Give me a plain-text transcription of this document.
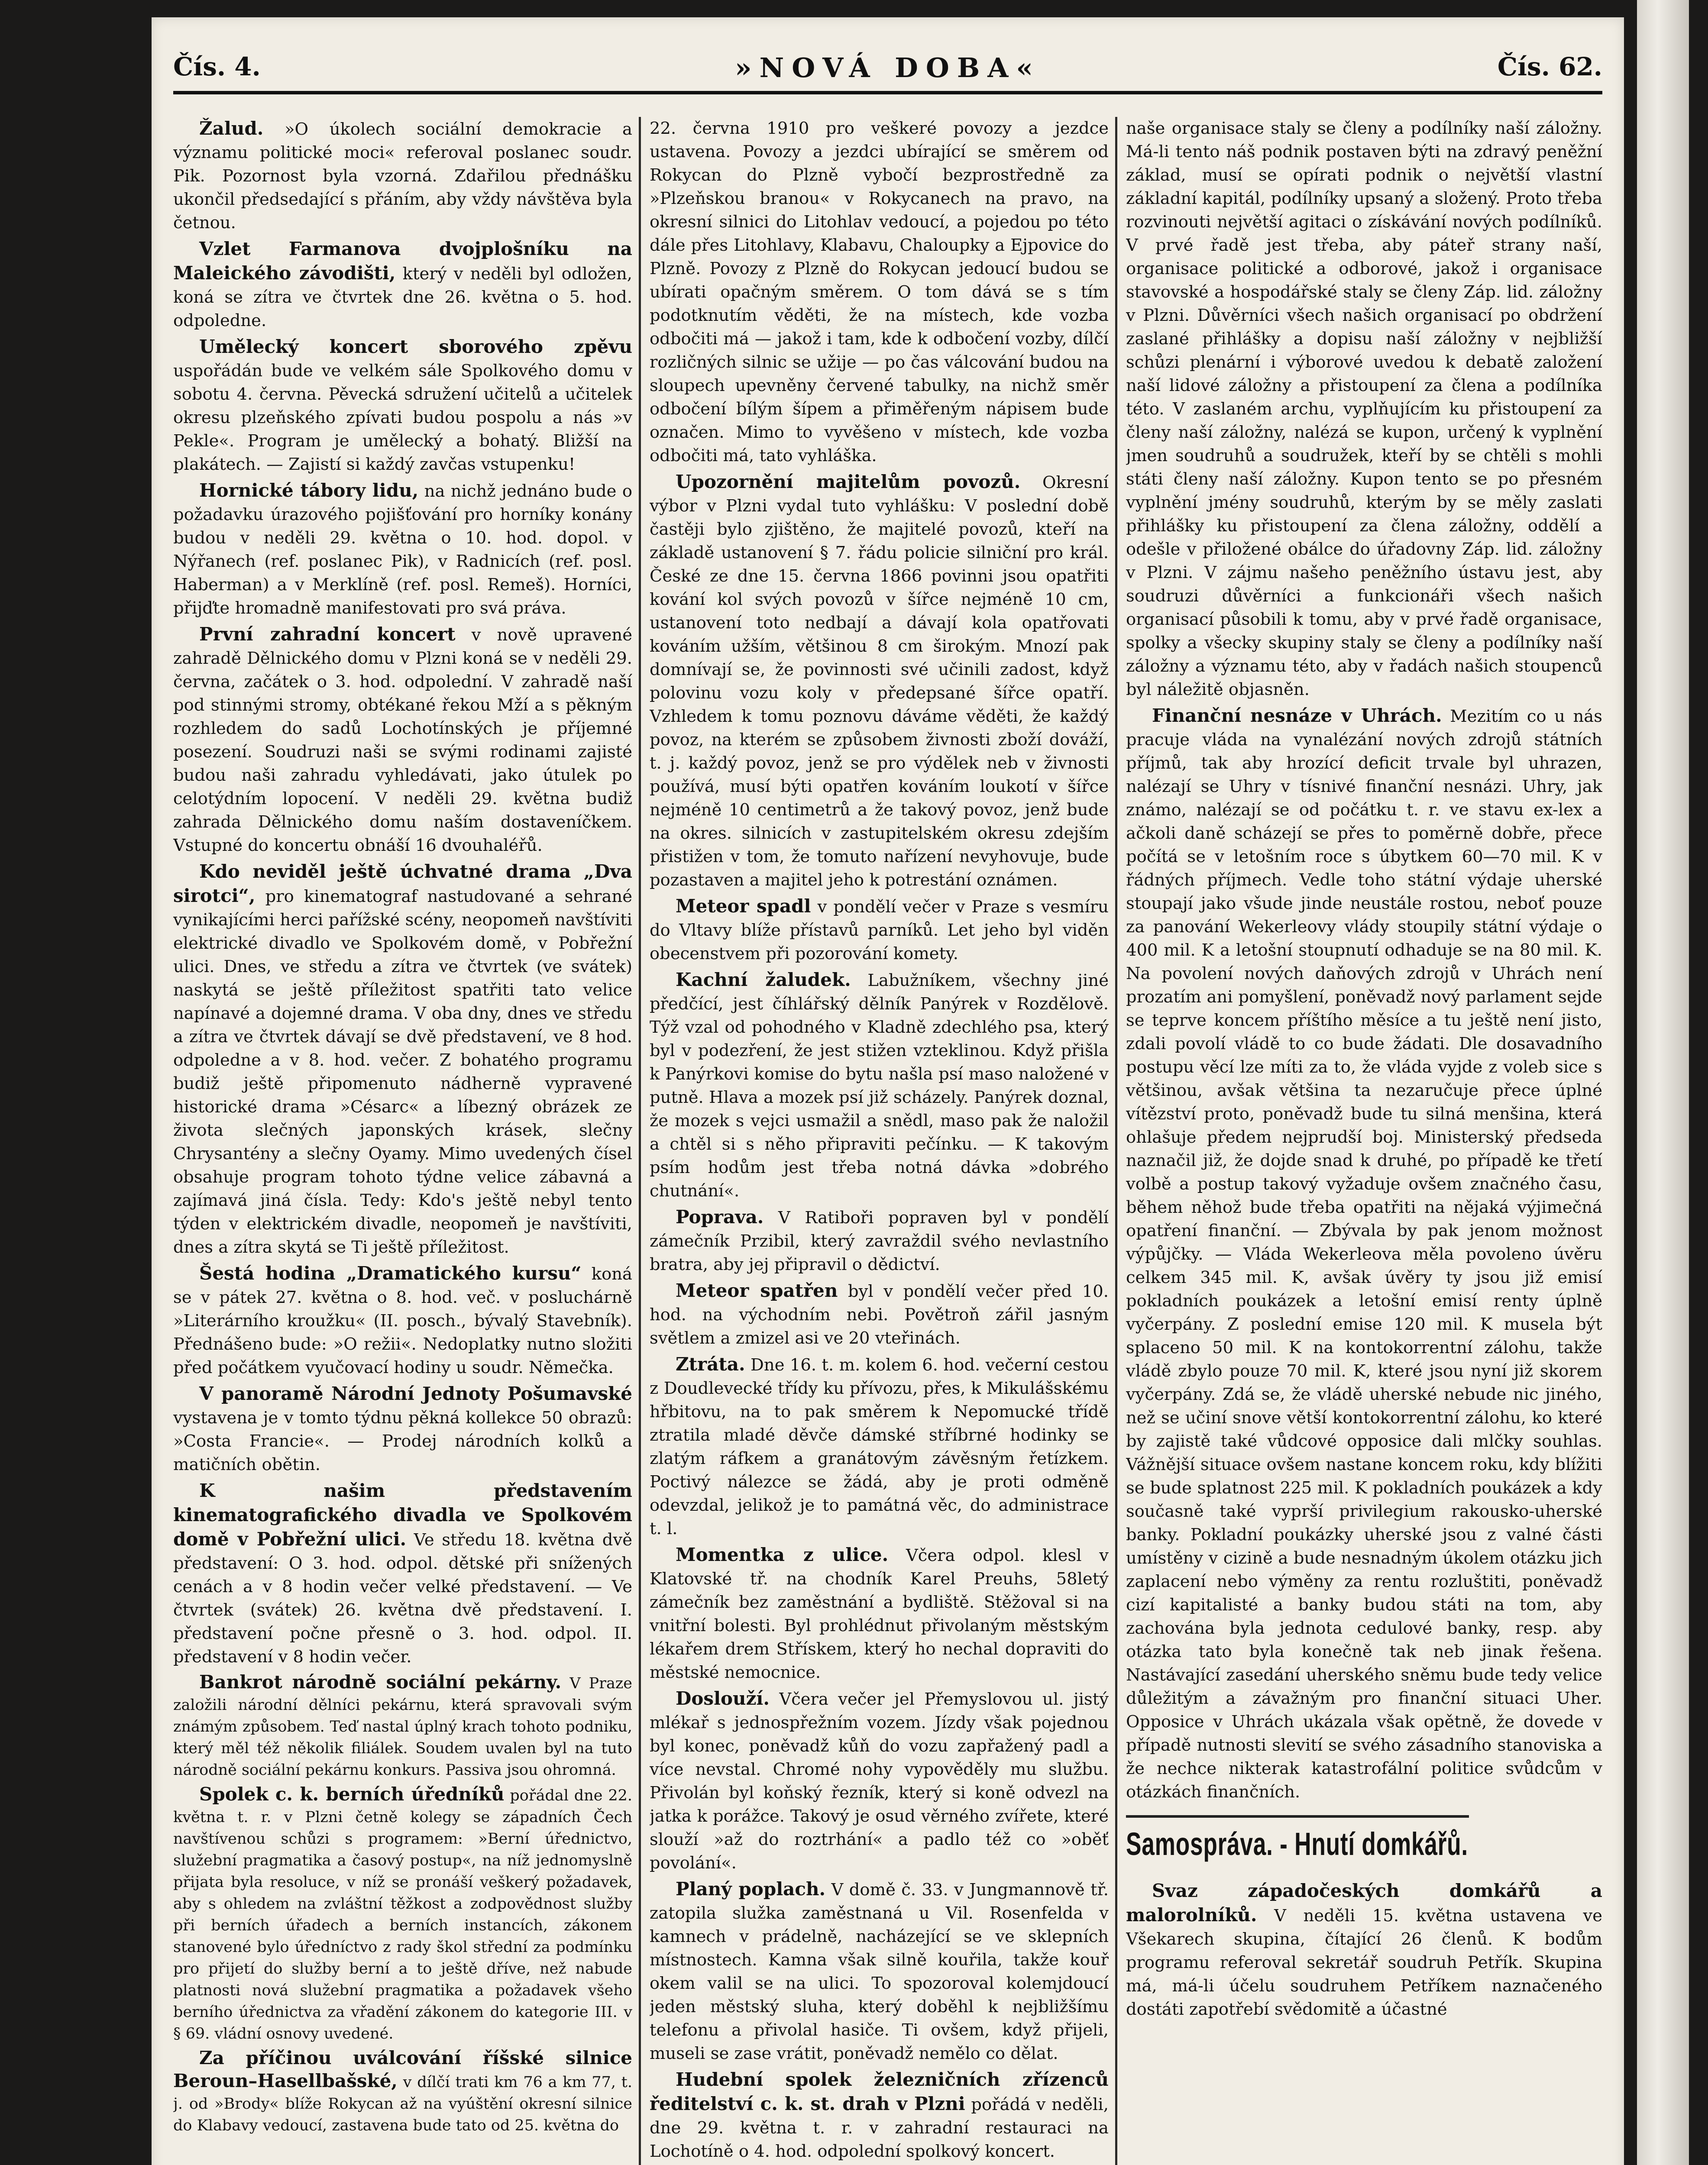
Čís. 4.	»NOVÁ DOBA«	Čís. 62.

Žalud. »O úkolech sociální demokracie a významu politické moci« referoval poslanec soudr. Pik. Pozornost byla vzorná. Zdařilou přednášku ukončil předsedající s přáním, aby vždy návštěva byla četnou.

Vzlet Farmanova dvojplošníku na Maleického závodišti, který v neděli byl odložen, koná se zítra ve čtvrtek dne 26. května o 5. hod. odpoledne.

Umělecký koncert sborového zpěvu uspořádán bude ve velkém sále Spolkového domu v sobotu 4. června. Pěvecká sdružení učitelů a učitelek okresu plzeňského zpívati budou pospolu a nás »v Pekle«. Program je umělecký a bohatý. Bližší na plakátech. — Zajistí si každý zavčas vstupenku!

Hornické tábory lidu, na nichž jednáno bude o požadavku úrazového pojišťování pro horníky konány budou v neděli 29. května o 10. hod. dopol. v Nýřanech (ref. poslanec Pik), v Radnicích (ref. posl. Haberman) a v Merklíně (ref. posl. Remeš). Horníci, přijďte hromadně manifestovati pro svá práva.

První zahradní koncert v nově upravené zahradě Dělnického domu v Plzni koná se v neděli 29. června, začátek o 3. hod. odpolední. V zahradě naší pod stinnými stromy, obtékané řekou Mží a s pěkným rozhledem do sadů Lochotínských je příjemné posezení. Soudruzi naši se svými rodinami zajisté budou naši zahradu vyhledávati, jako útulek po celotýdním lopocení. V neděli 29. května budiž zahrada Dělnického domu naším dostaveníčkem. Vstupné do koncertu obnáší 16 dvouhaléřů.

Kdo neviděl ještě úchvatné drama „Dva sirotci“, pro kinematograf nastudované a sehrané vynikajícími herci pařížské scény, neopomeň navštíviti elektrické divadlo ve Spolkovém domě, v Pobřežní ulici. Dnes, ve středu a zítra ve čtvrtek (ve svátek) naskytá se ještě příležitost spatřiti tato velice napínavé a dojemné drama. V oba dny, dnes ve středu a zítra ve čtvrtek dávají se dvě představení, ve 8 hod. odpoledne a v 8. hod. večer. Z bohatého programu budiž ještě připomenuto nádherně vypravené historické drama »Césarc« a líbezný obrázek ze života slečných japonských krásek, slečny Chrysantény a slečny Oyamy. Mimo uvedených čísel obsahuje program tohoto týdne velice zábavná a zajímavá jiná čísla. Tedy: Kdo's ještě nebyl tento týden v elektrickém divadle, neopomeň je navštíviti, dnes a zítra skytá se Ti ještě příležitost.

Šestá hodina „Dramatického kursu“ koná se v pátek 27. května o 8. hod. več. v posluchárně »Literárního kroužku« (II. posch., bývalý Stavebník). Přednášeno bude: »O režii«. Nedoplatky nutno složiti před počátkem vyučovací hodiny u soudr. Němečka.

V panoramě Národní Jednoty Pošumavské vystavena je v tomto týdnu pěkná kollekce 50 obrazů: »Costa Francie«. — Prodej národních kolků a matičních obětin.

K našim představením kinematografického divadla ve Spolkovém domě v Pobřežní ulici. Ve středu 18. května dvě představení: O 3. hod. odpol. dětské při snížených cenách a v 8 hodin večer velké představení. — Ve čtvrtek (svátek) 26. května dvě představení. I. představení počne přesně o 3. hod. odpol. II. představení v 8 hodin večer.

Bankrot národně sociální pekárny. V Praze založili národní dělníci pekárnu, která spravovali svým známým způsobem. Teď nastal úplný krach tohoto podniku, který měl též několik filiálek. Soudem uvalen byl na tuto národně sociální pekárnu konkurs. Passiva jsou ohromná.

Spolek c. k. berních úředníků pořádal dne 22. května t. r. v Plzni četně kolegy se západních Čech navštívenou schůzi s programem: »Berní úřednictvo, služební pragmatika a časový postup«, na níž jednomyslně přijata byla resoluce, v níž se pronáší veškerý požadavek, aby s ohledem na zvláštní těžkost a zodpovědnost služby při berních úřadech a berních instancích, zákonem stanovené bylo úředníctvo z rady škol střední za podmínku pro přijetí do služby berní a to ještě dříve, než nabude platnosti nová služební pragmatika a požadavek všeho berního úřednictva za vřadění zákonem do kategorie III. v § 69. vládní osnovy uvedené.

Za příčinou uválcování říšské silnice Beroun–Hasellbašské, v dílčí trati km 76 a km 77, t. j. od »Brody« blíže Rokycan až na vyúštění okresní silnice do Klabavy vedoucí, zastavena bude tato od 25. května do

22. června 1910 pro veškeré povozy a jezdce ustavena. Povozy a jezdci ubírající se směrem od Rokycan do Plzně vybočí bezprostředně za »Plzeňskou branou« v Rokycanech na pravo, na okresní silnici do Litohlav vedoucí, a pojedou po této dále přes Litohlavy, Klabavu, Chaloupky a Ejpovice do Plzně. Povozy z Plzně do Rokycan jedoucí budou se ubírati opačným směrem. O tom dává se s tím podotknutím věděti, že na místech, kde vozba odbočiti má — jakož i tam, kde k odbočení vozby, dílčí rozličných silnic se užije — po čas válcování budou na sloupech upevněny červené tabulky, na nichž směr odbočení bílým šípem a přiměřeným nápisem bude označen. Mimo to vyvěšeno v místech, kde vozba odbočiti má, tato vyhláška.

Upozornění majitelům povozů. Okresní výbor v Plzni vydal tuto vyhlášku: V poslední době častěji bylo zjištěno, že majitelé povozů, kteří na základě ustanovení § 7. řádu policie silniční pro král. České ze dne 15. června 1866 povinni jsou opatřiti kování kol svých povozů v šířce nejméně 10 cm, ustanovení toto nedbají a dávají kola opatřovati kováním užším, většinou 8 cm širokým. Mnozí pak domnívají se, že povinnosti své učinili zadost, když polovinu vozu koly v předepsané šířce opatří. Vzhledem k tomu poznovu dáváme věděti, že každý povoz, na kterém se způsobem živnosti zboží dováží, t. j. každý povoz, jenž se pro výdělek neb v živnosti používá, musí býti opatřen kováním loukotí v šířce nejméně 10 centimetrů a že takový povoz, jenž bude na okres. silnicích v zastupitelském okresu zdejším přistižen v tom, že tomuto nařízení nevyhovuje, bude pozastaven a majitel jeho k potrestání oznámen.

Meteor spadl v pondělí večer v Praze s vesmíru do Vltavy blíže přístavů parníků. Let jeho byl viděn obecenstvem při pozorování komety.

Kachní žaludek. Labužníkem, všechny jiné předčící, jest číhlářský dělník Panýrek v Rozdělově. Týž vzal od pohodného v Kladně zdechlého psa, který byl v podezření, že jest stižen vzteklinou. Když přišla k Panýrkovi komise do bytu našla psí maso naložené v putně. Hlava a mozek psí již scházely. Panýrek doznal, že mozek s vejci usmažil a snědl, maso pak že naložil a chtěl si s něho připraviti pečínku. — K takovým psím hodům jest třeba notná dávka »dobrého chutnání«.

Poprava. V Ratiboři popraven byl v pondělí zámečník Przibil, který zavraždil svého nevlastního bratra, aby jej připravil o dědictví.

Meteor spatřen byl v pondělí večer před 10. hod. na východním nebi. Povětroň zářil jasným světlem a zmizel asi ve 20 vteřinách.

Ztráta. Dne 16. t. m. kolem 6. hod. večerní cestou z Doudlevecké třídy ku přívozu, přes, k Mikulášskému hřbitovu, na to pak směrem k Nepomucké třídě ztratila mladé děvče dámské stříbrné hodinky se zlatým ráfkem a granátovým závěsným řetízkem. Poctivý nálezce se žádá, aby je proti odměně odevzdal, jelikož je to památná věc, do administrace t. l.

Momentka z ulice. Včera odpol. klesl v Klatovské tř. na chodník Karel Preuhs, 58letý zámečník bez zaměstnání a bydliště. Stěžoval si na vnitřní bolesti. Byl prohlédnut přivolaným městským lékařem drem Střískem, který ho nechal dopraviti do městské nemocnice.

Doslouží. Včera večer jel Přemyslovou ul. jistý mlékař s jednospřežním vozem. Jízdy však pojednou byl konec, poněvadž kůň do vozu zapřažený padl a více nevstal. Chromé nohy vypověděly mu službu. Přivolán byl koňský řezník, který si koně odvezl na jatka k porážce. Takový je osud věrného zvířete, které slouží »až do roztrhání« a padlo též co »oběť povolání«.

Planý poplach. V domě č. 33. v Jungmannově tř. zatopila služka zaměstnaná u Vil. Rosenfelda v kamnech v prádelně, nacházející se ve sklepních místnostech. Kamna však silně kouřila, takže kouř okem valil se na ulici. To spozoroval kolemjdoucí jeden městský sluha, který doběhl k nejbližšímu telefonu a přivolal hasiče. Ti ovšem, když přijeli, museli se zase vrátit, poněvadž nemělo co dělat.

Hudební spolek železničních zřízenců ředitelství c. k. st. drah v Plzni pořádá v neděli, dne 29. května t. r. v zahradní restauraci na Lochotíně o 4. hod. odpolední spolkový koncert.

naše organisace staly se členy a podílníky naší záložny. Má-li tento náš podnik postaven býti na zdravý peněžní základ, musí se opírati podnik o největší vlastní základní kapitál, podílníky upsaný a složený. Proto třeba rozvinouti největší agitaci o získávání nových podílníků. V prvé řadě jest třeba, aby páteř strany naší, organisace politické a odborové, jakož i organisace stavovské a hospodářské staly se členy Záp. lid. záložny v Plzni. Důvěrníci všech našich organisací po obdržení zaslané přihlášky a dopisu naší záložny v nejbližší schůzi plenární i výborové uvedou k debatě založení naší lidové záložny a přistoupení za člena a podílníka této. V zaslaném archu, vyplňujícím ku přistoupení za členy naší záložny, nalézá se kupon, určený k vyplnění jmen soudruhů a soudružek, kteří by se chtěli s mohli státi členy naší záložny. Kupon tento se po přesném vyplnění jmény soudruhů, kterým by se měly zaslati přihlášky ku přistoupení za člena záložny, oddělí a odešle v přiložené obálce do úřadovny Záp. lid. záložny v Plzni. V zájmu našeho peněžního ústavu jest, aby soudruzi důvěrníci a funkcionáři všech našich organisací působili k tomu, aby v prvé řadě organisace, spolky a všecky skupiny staly se členy a podílníky naší záložny a významu této, aby v řadách našich stoupenců byl náležitě objasněn.

Finanční nesnáze v Uhrách. Mezitím co u nás pracuje vláda na vynalézání nových zdrojů státních příjmů, tak aby hrozící deficit trvale byl uhrazen, nalézají se Uhry v tísnivé finanční nesnázi. Uhry, jak známo, nalézají se od počátku t. r. ve stavu ex-lex a ačkoli daně scházejí se přes to poměrně dobře, přece počítá se v letošním roce s úbytkem 60—70 mil. K v řádných příjmech. Vedle toho státní výdaje uherské stoupají jako všude jinde neustále rostou, neboť pouze za panování Wekerleovy vlády stoupily státní výdaje o 400 mil. K a letošní stoupnutí odhaduje se na 80 mil. K. Na povolení nových daňových zdrojů v Uhrách není prozatím ani pomyšlení, poněvadž nový parlament sejde se teprve koncem příštího měsíce a tu ještě není jisto, zdali povolí vládě to co bude žádati. Dle dosavadního postupu věcí lze míti za to, že vláda vyjde z voleb sice s většinou, avšak většina ta nezaručuje přece úplné vítězství proto, poněvadž bude tu silná menšina, která ohlašuje předem nejprudší boj. Ministerský předseda naznačil již, že dojde snad k druhé, po případě ke třetí volbě a postup takový vyžaduje ovšem značného času, během něhož bude třeba opatřiti na nějaká výjimečná opatření finanční. — Zbývala by pak jenom možnost výpůjčky. — Vláda Wekerleova měla povoleno úvěru celkem 345 mil. K, avšak úvěry ty jsou již emisí pokladních poukázek a letošní emisí renty úplně vyčerpány. Z poslední emise 120 mil. K musela být splaceno 50 mil. K na kontokorrentní zálohu, takže vládě zbylo pouze 70 mil. K, které jsou nyní již skorem vyčerpány. Zdá se, že vládě uherské nebude nic jiného, než se učiní snove větší kontokorrentní zálohu, ko které by zajistě také vůdcové opposice dali mlčky souhlas. Vážnější situace ovšem nastane koncem roku, kdy blížiti se bude splatnost 225 mil. K pokladních poukázek a kdy současně také vyprší privilegium rakousko-uherské banky. Pokladní poukázky uherské jsou z valné části umístěny v cizině a bude nesnadným úkolem otázku jich zaplacení nebo výměny za rentu rozluštiti, poněvadž cizí kapitalisté a banky budou státi na tom, aby zachována byla jednota cedulové banky, resp. aby otázka tato byla konečně tak neb jinak řešena. Nastávající zasedání uherského sněmu bude tedy velice důležitým a závažným pro finanční situaci Uher. Opposice v Uhrách ukázala však opětně, že dovede v případě nutnosti slevití se svého zásadního stanoviska a že nechce nikterak katastrofální politice svůdcům v otázkách finančních.

Samospráva. - Hnutí domkářů.

Svaz západočeských domkářů a malorolníků. V neděli 15. května ustavena ve Všekarech skupina, čítající 26 členů. K bodům programu referoval sekretář soudruh Petřík. Skupina má, má-li účelu soudruhem Petříkem naznačeného dostáti zapotřebí svědomitě a účastné
